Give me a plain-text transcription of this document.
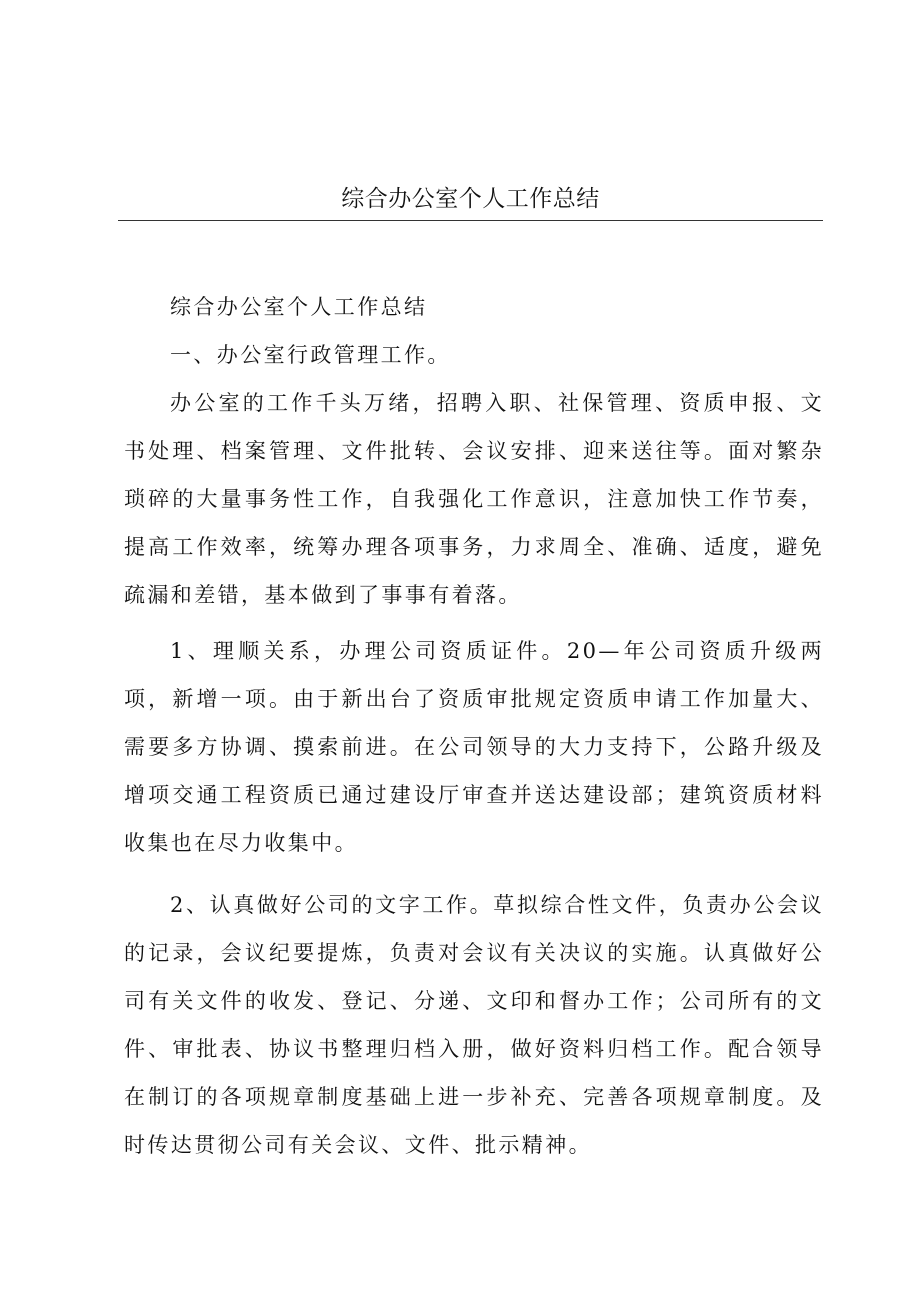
综合办公室个人工作总结

综合办公室个人工作总结

一、办公室行政管理工作。

办公室的工作千头万绪，招聘入职、社保管理、资质申报、文书处理、档案管理、文件批转、会议安排、迎来送往等。面对繁杂琐碎的大量事务性工作，自我强化工作意识，注意加快工作节奏，提高工作效率，统筹办理各项事务，力求周全、准确、适度，避免疏漏和差错，基本做到了事事有着落。

1、理顺关系，办理公司资质证件。20—年公司资质升级两项，新增一项。由于新出台了资质审批规定资质申请工作加量大、需要多方协调、摸索前进。在公司领导的大力支持下，公路升级及增项交通工程资质已通过建设厅审查并送达建设部；建筑资质材料收集也在尽力收集中。

2、认真做好公司的文字工作。草拟综合性文件，负责办公会议的记录，会议纪要提炼，负责对会议有关决议的实施。认真做好公司有关文件的收发、登记、分递、文印和督办工作；公司所有的文件、审批表、协议书整理归档入册，做好资料归档工作。配合领导在制订的各项规章制度基础上进一步补充、完善各项规章制度。及时传达贯彻公司有关会议、文件、批示精神。
